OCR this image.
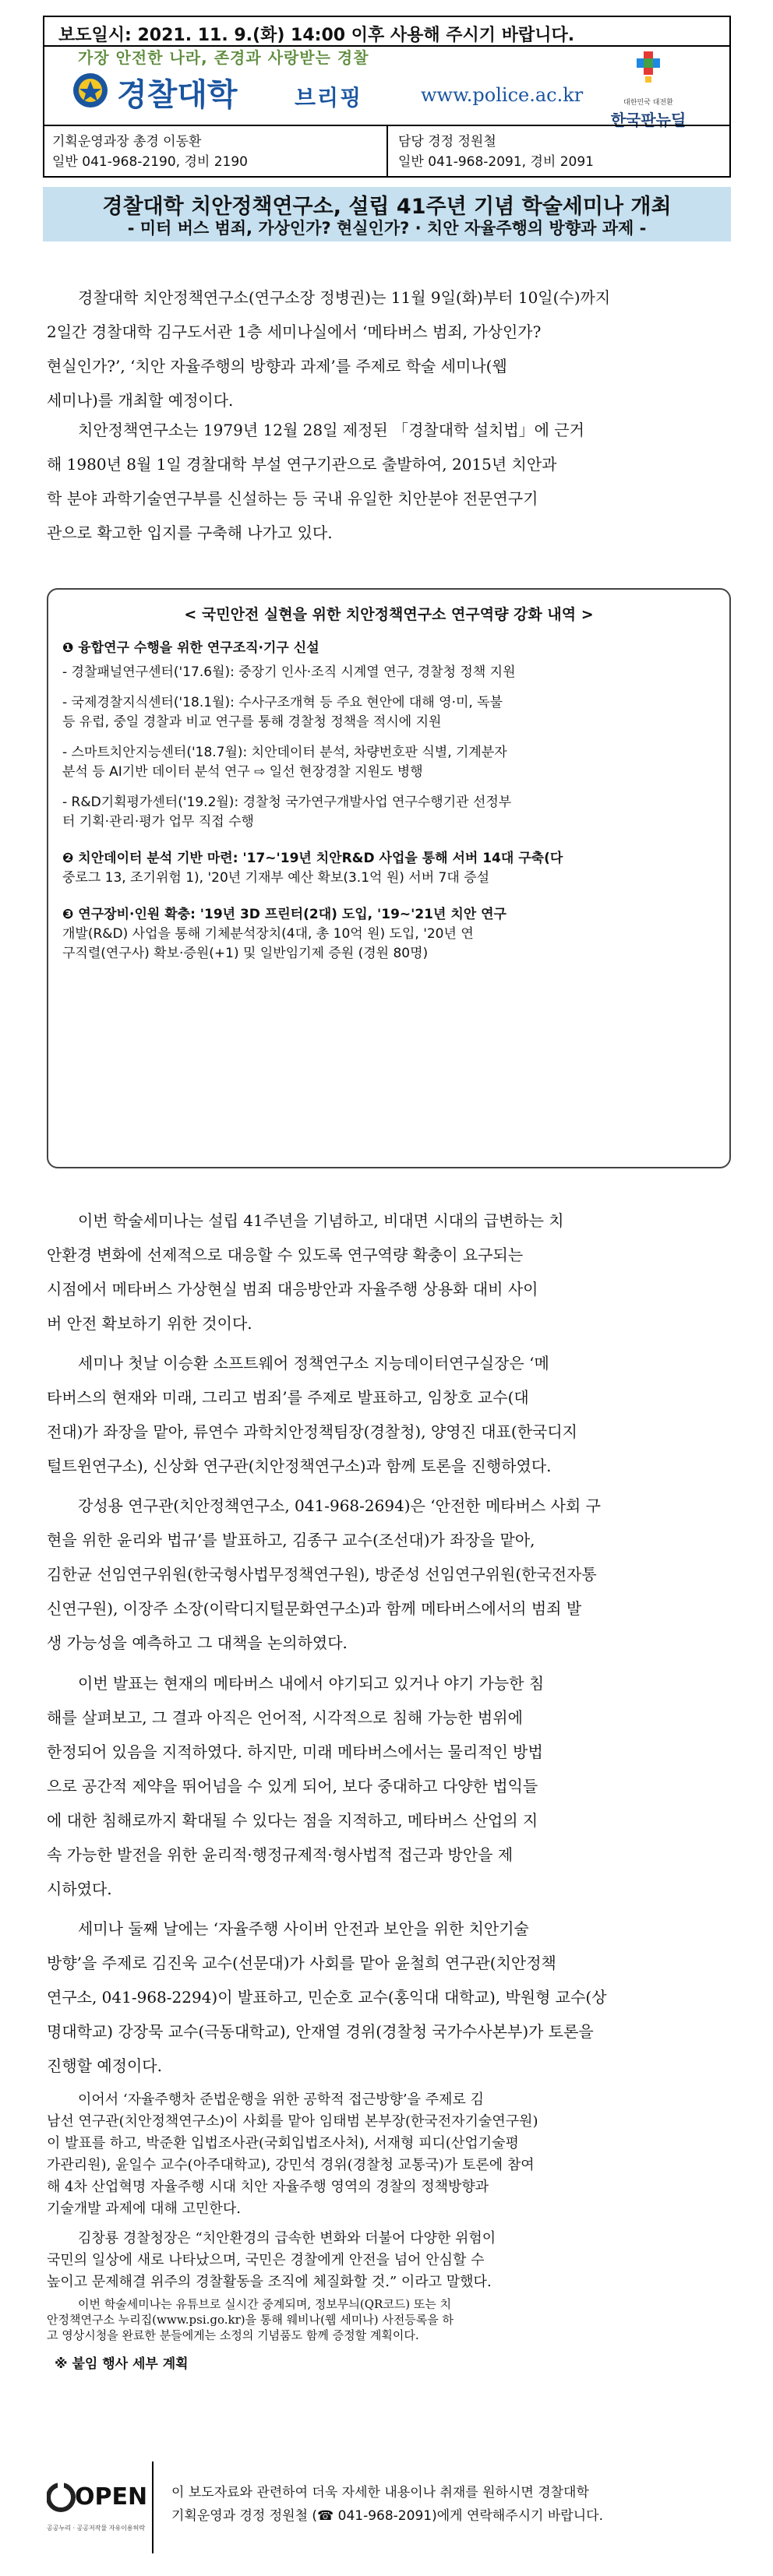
보도일시: 2021. 11. 9.(화) 14:00 이후 사용해 주시기 바랍니다.
가장 안전한 나라, 존경과 사랑받는 경찰
경찰대학	브리핑	www.police.ac.kr	대한민국 대전환
한국판뉴딜
기획운영과장 총경 이동환
일반 041-968-2190, 경비 2190
담당 경정 정원철
일반 041-968-2091, 경비 2091
경찰대학 치안정책연구소, 설립 41주년 기념 학술세미나 개최
- 미터 버스 범죄, 가상인가? 현실인가? · 치안 자율주행의 방향과 과제 -
경찰대학 치안정책연구소(연구소장 정병권)는 11월 9일(화)부터 10일(수)까지
2일간 경찰대학 김구도서관 1층 세미나실에서 ‘메타버스 범죄, 가상인가?
현실인가?’, ‘치안 자율주행의 방향과 과제’를 주제로 학술 세미나(웹
세미나)를 개최할 예정이다.
치안정책연구소는 1979년 12월 28일 제정된 「경찰대학 설치법」에 근거
해 1980년 8월 1일 경찰대학 부설 연구기관으로 출발하여, 2015년 치안과
학 분야 과학기술연구부를 신설하는 등 국내 유일한 치안분야 전문연구기
관으로 확고한 입지를 구축해 나가고 있다.
< 국민안전 실현을 위한 치안정책연구소 연구역량 강화 내역 >
❶ 융합연구 수행을 위한 연구조직·기구 신설
- 경찰패널연구센터('17.6월): 중장기 인사·조직 시계열 연구, 경찰청 정책 지원
- 국제경찰지식센터('18.1월): 수사구조개혁 등 주요 현안에 대해 영·미, 독불
등 유럽, 중일 경찰과 비교 연구를 통해 경찰청 정책을 적시에 지원
- 스마트치안지능센터('18.7월): 치안데이터 분석, 차량번호판 식별, 기계분자
분석 등 AI기반 데이터 분석 연구 ⇨ 일선 현장경찰 지원도 병행
- R&D기획평가센터('19.2월): 경찰청 국가연구개발사업 연구수행기관 선정부
터 기획·관리·평가 업무 직접 수행
❷ 치안데이터 분석 기반 마련: '17~'19년 치안R&D 사업을 통해 서버 14대 구축(다
중로그 13, 조기위험 1), '20년 기재부 예산 확보(3.1억 원) 서버 7대 증설
❸ 연구장비·인원 확충: '19년 3D 프린터(2대) 도입, '19~'21년 치안 연구
개발(R&D) 사업을 통해 기체분석장치(4대, 총 10억 원) 도입, '20년 연
구직렬(연구사) 확보·증원(+1) 및 일반임기제 증원 (경원 80명)
이번 학술세미나는 설립 41주년을 기념하고, 비대면 시대의 급변하는 치
안환경 변화에 선제적으로 대응할 수 있도록 연구역량 확충이 요구되는
시점에서 메타버스 가상현실 범죄 대응방안과 자율주행 상용화 대비 사이
버 안전 확보하기 위한 것이다.
세미나 첫날 이승환 소프트웨어 정책연구소 지능데이터연구실장은 ‘메
타버스의 현재와 미래, 그리고 범죄’를 주제로 발표하고, 임창호 교수(대
전대)가 좌장을 맡아, 류연수 과학치안정책팀장(경찰청), 양영진 대표(한국디지
털트윈연구소), 신상화 연구관(치안정책연구소)과 함께 토론을 진행하였다.
강성용 연구관(치안정책연구소, 041-968-2694)은 ‘안전한 메타버스 사회 구
현을 위한 윤리와 법규’를 발표하고, 김종구 교수(조선대)가 좌장을 맡아,
김한균 선임연구위원(한국형사법무정책연구원), 방준성 선임연구위원(한국전자통
신연구원), 이장주 소장(이락디지털문화연구소)과 함께 메타버스에서의 범죄 발
생 가능성을 예측하고 그 대책을 논의하였다.
이번 발표는 현재의 메타버스 내에서 야기되고 있거나 야기 가능한 침
해를 살펴보고, 그 결과 아직은 언어적, 시각적으로 침해 가능한 범위에
한정되어 있음을 지적하였다. 하지만, 미래 메타버스에서는 물리적인 방법
으로 공간적 제약을 뛰어넘을 수 있게 되어, 보다 중대하고 다양한 법익들
에 대한 침해로까지 확대될 수 있다는 점을 지적하고, 메타버스 산업의 지
속 가능한 발전을 위한 윤리적·행정규제적·형사법적 접근과 방안을 제
시하였다.
세미나 둘째 날에는 ‘자율주행 사이버 안전과 보안을 위한 치안기술
방향’을 주제로 김진욱 교수(선문대)가 사회를 맡아 윤철희 연구관(치안정책
연구소, 041-968-2294)이 발표하고, 민순호 교수(홍익대 대학교), 박원형 교수(상
명대학교) 강장묵 교수(극동대학교), 안재열 경위(경찰청 국가수사본부)가 토론을
진행할 예정이다.
이어서 ‘자율주행차 준법운행을 위한 공학적 접근방향’을 주제로 김
남선 연구관(치안정책연구소)이 사회를 맡아 임태범 본부장(한국전자기술연구원)
이 발표를 하고, 박준환 입법조사관(국회입법조사처), 서재형 피디(산업기술평
가관리원), 윤일수 교수(아주대학교), 강민석 경위(경찰청 교통국)가 토론에 참여
해 4차 산업혁명 자율주행 시대 치안 자율주행 영역의 경찰의 정책방향과
기술개발 과제에 대해 고민한다.
김창룡 경찰청장은 “치안환경의 급속한 변화와 더불어 다양한 위험이
국민의 일상에 새로 나타났으며, 국민은 경찰에게 안전을 넘어 안심할 수
높이고 문제해결 위주의 경찰활동을 조직에 체질화할 것.” 이라고 말했다.
이번 학술세미나는 유튜브로 실시간 중계되며, 정보무늬(QR코드) 또는 치
안정책연구소 누리집(www.psi.go.kr)을 통해 웨비나(웹 세미나) 사전등록을 하
고 영상시청을 완료한 분들에게는 소정의 기념품도 함께 증정할 계획이다.
※ 붙임 행사 세부 계획
OPEN
공공누리 · 공공저작물 자유이용허락
이 보도자료와 관련하여 더욱 자세한 내용이나 취재를 원하시면 경찰대학
기획운영과 경정 정원철 (☎ 041-968-2091)에게 연락해주시기 바랍니다.
